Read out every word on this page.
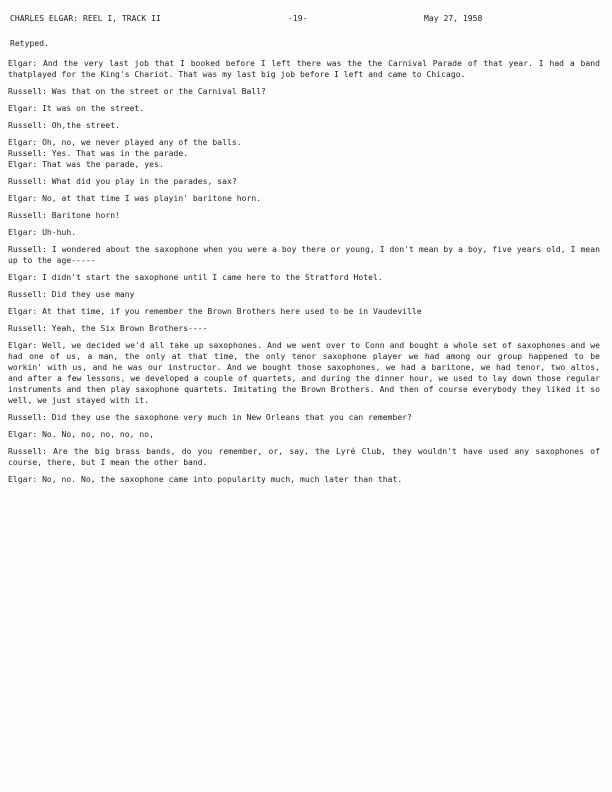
CHARLES ELGAR: REEL I, TRACK II	-19-	May 27, 1958
Retyped.
Elgar: And the very last job that I booked before I left there was the the Carnival Parade of that year. I had a band thatplayed for the King's Chariot. That was my last big job before I left and came to Chicago.
Russell: Was that on the street or the Carnival Ball?
Elgar: It was on the street.
Russell: Oh,the street.
Elgar: Oh, no, we never played any of the balls.
Russell: Yes. That was in the parade.
Elgar: That was the parade, yes.
Russell: What did you play in the parades, sax?
Elgar: No, at that time I was playin' baritone horn.
Russell: Baritone horn!
Elgar: Uh-huh.
Russell: I wondered about the saxophone when you were a boy there or young, I don't mean by a boy, five years old, I mean up to the age-----
Elgar: I didn't start the saxophone until I came here to the Stratford Hotel.
Russell: Did they use many
Elgar: At that time, if you remember the Brown Brothers here used to be in Vaudeville
Russell: Yeah, the Six Brown Brothers----
Elgar: Well, we decided we'd all take up saxophones. And we went over to Conn and bought a whole set of saxophones and we had one of us, a man, the only at that time, the only tenor saxophone player we had among our group happened to be workin' with us, and he was our instructor. And we bought those saxophones, we had a baritone, we had tenor, two altos, and after a few lessons, we developed a couple of quartets, and during the dinner hour, we used to lay down those regular instruments and then play saxophone quartets. Imitating the Brown Brothers. And then of course everybody they liked it so well, we just stayed with it.
Russell: Did they use the saxophone very much in New Orleans that you can remember?
Elgar: No. No, no, no, no, no,
Russell: Are the big brass bands, do you remember, or, say, the Lyré Club, they wouldn't have used any saxophones of course, there, but I mean the other band.
Elgar: No, no. No, the saxophone came into popularity much, much later than that.
